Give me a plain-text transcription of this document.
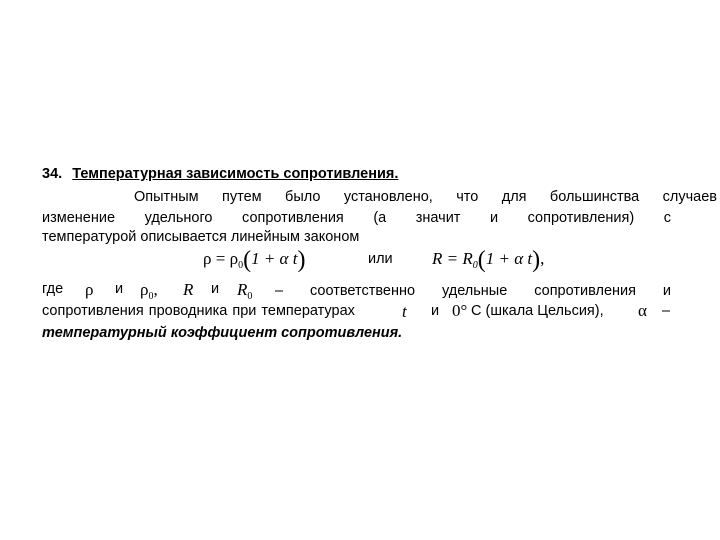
34. Температурная зависимость сопротивления.
Опытным путем было установлено, что для большинства случаев
изменение удельного сопротивления (а значит и сопротивления) с
температурой описывается линейным законом
$\rho = \rho_0(1 + \alpha$ t)	или $R = R_0(1 + \alpha$ t),
где ρ и $\rho_0$, R и $R_0$ – соответственно удельные сопротивления и
сопротивления проводника при температурах	t и 0° С (шкала Цельсия), α –
температурный коэффициент сопротивления.
